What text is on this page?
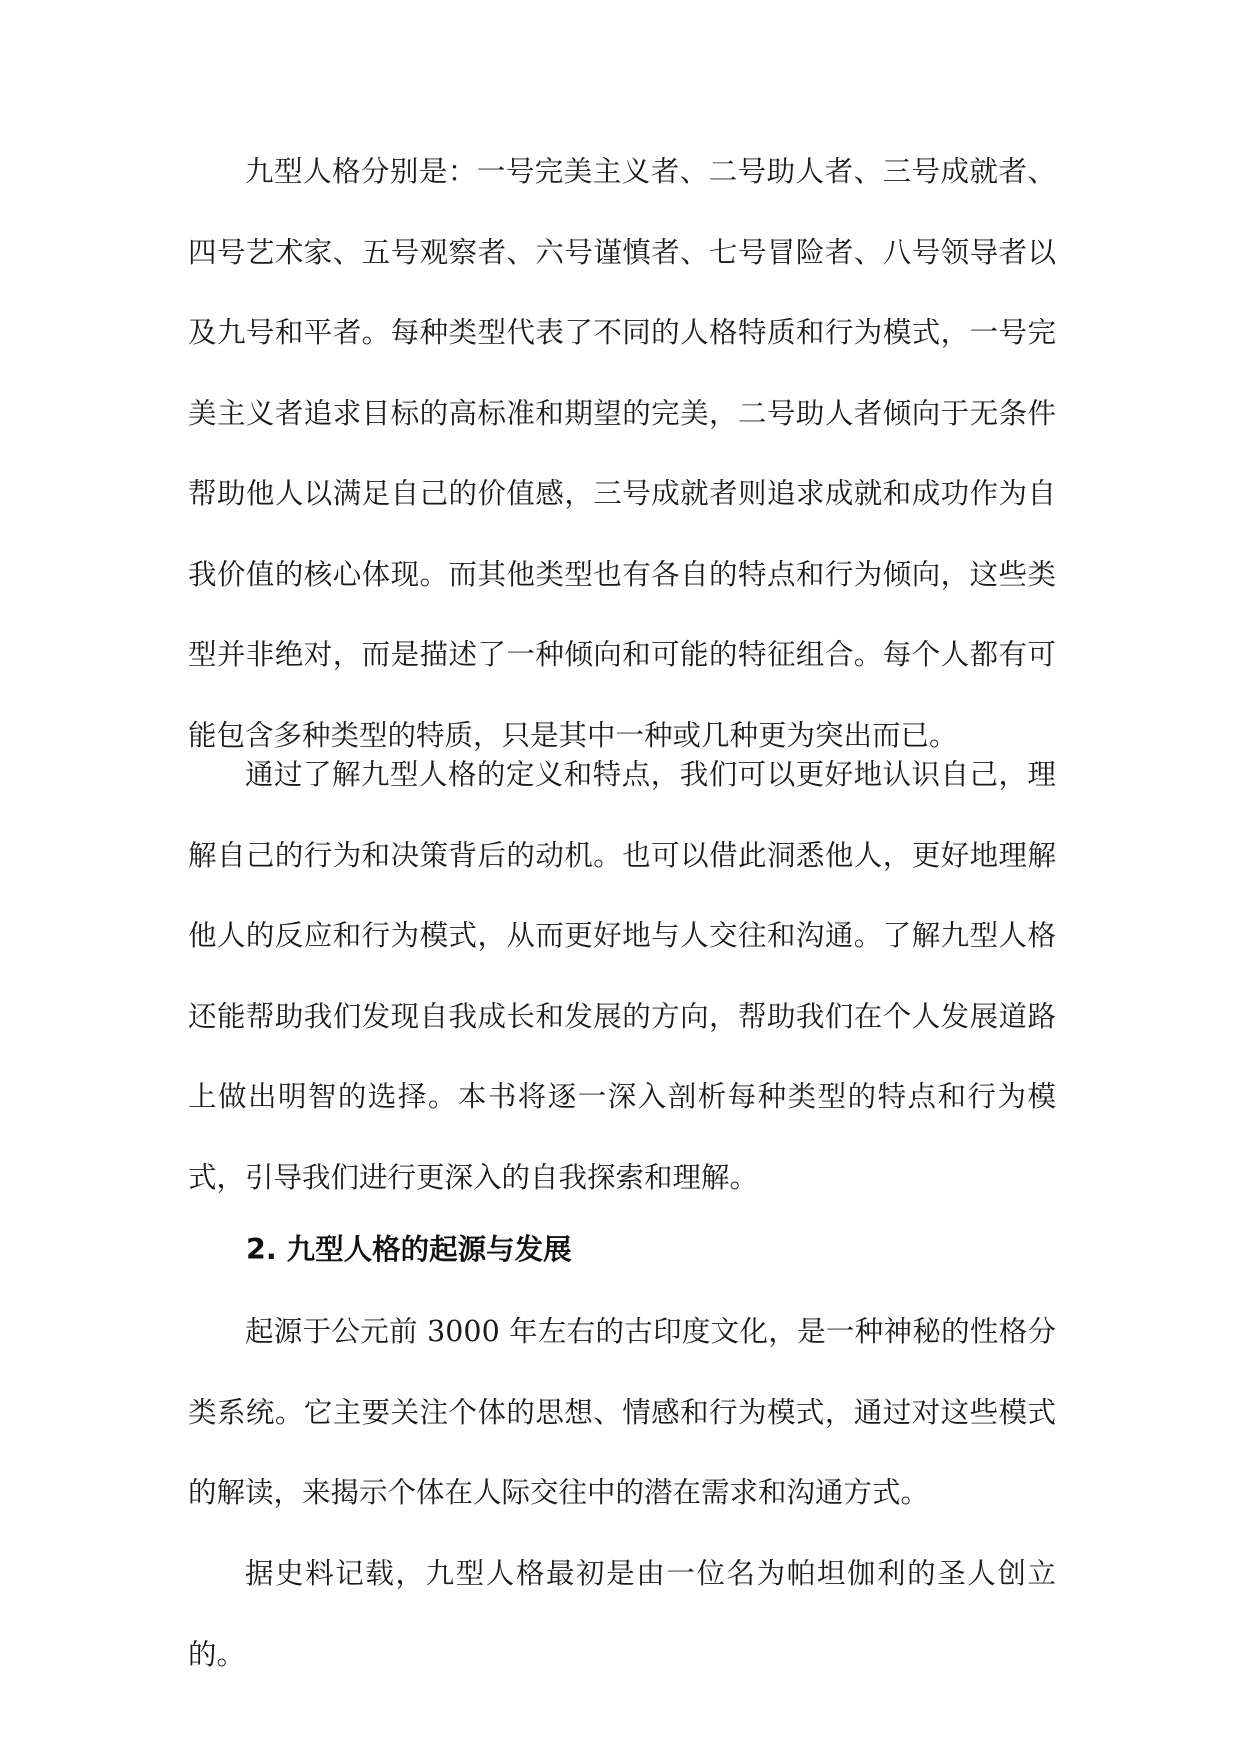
九型人格分别是：一号完美主义者、二号助人者、三号成就者、四号艺术家、五号观察者、六号谨慎者、七号冒险者、八号领导者以及九号和平者。每种类型代表了不同的人格特质和行为模式，一号完美主义者追求目标的高标准和期望的完美，二号助人者倾向于无条件帮助他人以满足自己的价值感，三号成就者则追求成就和成功作为自我价值的核心体现。而其他类型也有各自的特点和行为倾向，这些类型并非绝对，而是描述了一种倾向和可能的特征组合。每个人都有可能包含多种类型的特质，只是其中一种或几种更为突出而已。

通过了解九型人格的定义和特点，我们可以更好地认识自己，理解自己的行为和决策背后的动机。也可以借此洞悉他人，更好地理解他人的反应和行为模式，从而更好地与人交往和沟通。了解九型人格还能帮助我们发现自我成长和发展的方向，帮助我们在个人发展道路上做出明智的选择。本书将逐一深入剖析每种类型的特点和行为模式，引导我们进行更深入的自我探索和理解。

2. 九型人格的起源与发展

起源于公元前 3000 年左右的古印度文化，是一种神秘的性格分类系统。它主要关注个体的思想、情感和行为模式，通过对这些模式的解读，来揭示个体在人际交往中的潜在需求和沟通方式。

据史料记载，九型人格最初是由一位名为帕坦伽利的圣人创立的。
